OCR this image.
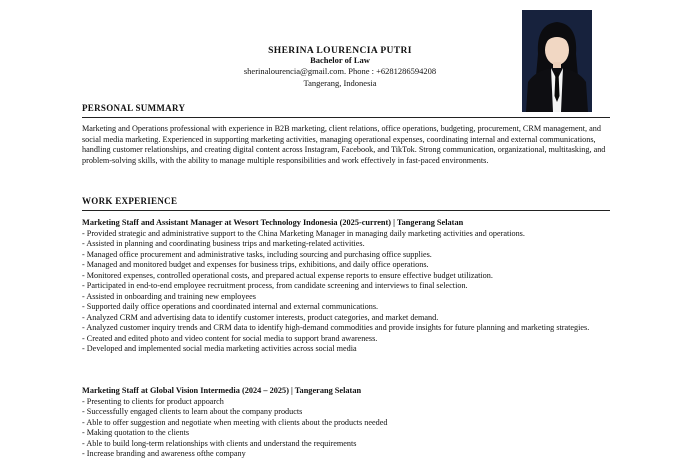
SHERINA LOURENCIA PUTRI
Bachelor of Law
sherinalourencia@gmail.com. Phone : +6281286594208
Tangerang, Indonesia
PERSONAL SUMMARY

Marketing and Operations professional with experience in B2B marketing, client relations, office operations, budgeting, procurement, CRM management, and social media marketing. Experienced in supporting marketing activities, managing operational expenses, coordinating internal and external communications, handling customer relationships, and creating digital content across Instagram, Facebook, and TikTok. Strong communication, organizational, multitasking, and problem-solving skills, with the ability to manage multiple responsibilities and work effectively in fast-paced environments.

WORK EXPERIENCE
Marketing Staff and Assistant Manager at Wesort Technology Indonesia (2025-current) | Tangerang Selatan
- Provided strategic and administrative support to the China Marketing Manager in managing daily marketing activities and operations.
- Assisted in planning and coordinating business trips and marketing-related activities.
- Managed office procurement and administrative tasks, including sourcing and purchasing office supplies.
- Managed and monitored budget and expenses for business trips, exhibitions, and daily office operations.
- Monitored expenses, controlled operational costs, and prepared actual expense reports to ensure effective budget utilization.
- Participated in end-to-end employee recruitment process, from candidate screening and interviews to final selection.
- Assisted in onboarding and training new employees
- Supported daily office operations and coordinated internal and external communications.
- Analyzed CRM and advertising data to identify customer interests, product categories, and market demand.
- Analyzed customer inquiry trends and CRM data to identify high-demand commodities and provide insights for future planning and marketing strategies.
- Created and edited photo and video content for social media to support brand awareness.
- Developed and implemented social media marketing activities across social media
Marketing Staff at Global Vision Intermedia (2024 – 2025) | Tangerang Selatan
- Presenting to clients for product appoarch
- Successfully engaged clients to learn about the company products
- Able to offer suggestion and negotiate when meeting with clients about the products needed
- Making quotation to the clients
- Able to build long-term relationships with clients and understand the requirements
- Increase branding and awareness ofthe company
